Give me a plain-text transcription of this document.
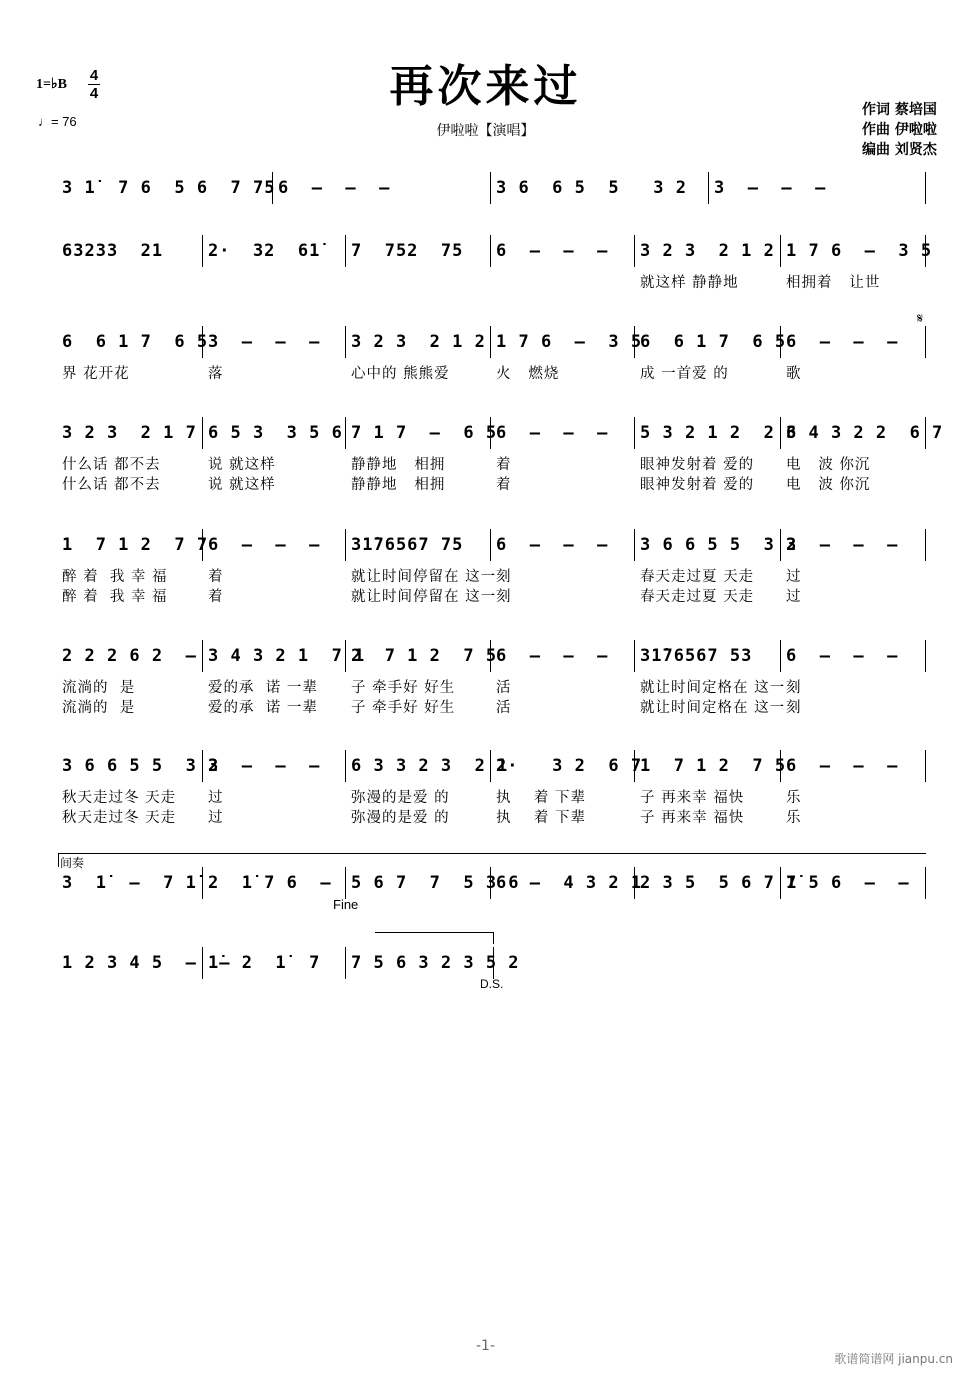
1=♭B
4
4
♩= 76
再次来过
伊啦啦【演唱】
作词 蔡培国
作曲 伊啦啦
编曲 刘贤杰
3 1̇  7 6  5 6  7 75 6  –  –  –	3 6  6 5  5   3 2 3  –  –  –
63233  21	2·  32  61̇ 7  752  75 6  –  –  – 3 2 3  2 1 2
就这样 静静地
1 7 6  –  3 5
相拥着   让世
6  6 1 7  6 5
界 花开花
3  –  –  –
落
3 2 3  2 1 2
心中的 熊熊爱
1 7 6  –  3 5
火   燃烧
6  6 1 7  6 5
成 一首爱 的
6  –  –  –
歌
3 2 3  2 1 7
什么话 都不去
什么话 都不去
6 5 3  3 5 6
说 就这样
说 就这样
7 1 7  –  6 5
静静地   相拥
静静地   相拥
6  –  –  –
着
着
5 3 2 1 2  2 6
眼神发射着 爱的
眼神发射着 爱的
3 4 3 2 2  6 7
电   波 你沉
电   波 你沉
1  7 1 2  7 7
醉 着  我 幸 福
醉 着  我 幸 福
6  –  –  –
着
着
31̇76567 75
就让时间停留在 这一
就让时间停留在 这一
6  –  –  –
刻
刻
3 6 6 5 5  3 2
春天走过夏 天走
春天走过夏 天走
3  –  –  –
过
过
2 2 2 6 2  –
流淌的  是
流淌的  是
3 4 3 2 1  7 1
爱的承  诺 一辈
爱的承  诺 一辈
2  7 1 2  7 5
子 牵手好 好生
子 牵手好 好生
6  –  –  –
活
活
31̇76567 53
就让时间定格在 这一
就让时间定格在 这一
6  –  –  –
刻
刻
3 6 6 5 5  3 2
秋天走过冬 天走
秋天走过冬 天走
3  –  –  –
过
过
6 3 3 2 3  2 1
弥漫的是爱 的
弥漫的是爱 的
2·   3 2  6 7
执    着 下辈
执    着 下辈
1  7 1 2  7 5
子 再来幸 福快
子 再来幸 福快
6  –  –  –
乐
乐
3  1̇  –  7 1̇ 2  1̇ 7 6  – 5 6 7  7  5 3 6
6  –  4 3 2 1
2 3 5  5 6 7 1̇
7 5 6  –  –
1 2 3 4 5  –  –
1̇  2  1̇  7 7 5 6 3 2 3 5 2
𝄋
间奏
Fine
D.S.
-1-
歌谱简谱网 jianpu.cn
